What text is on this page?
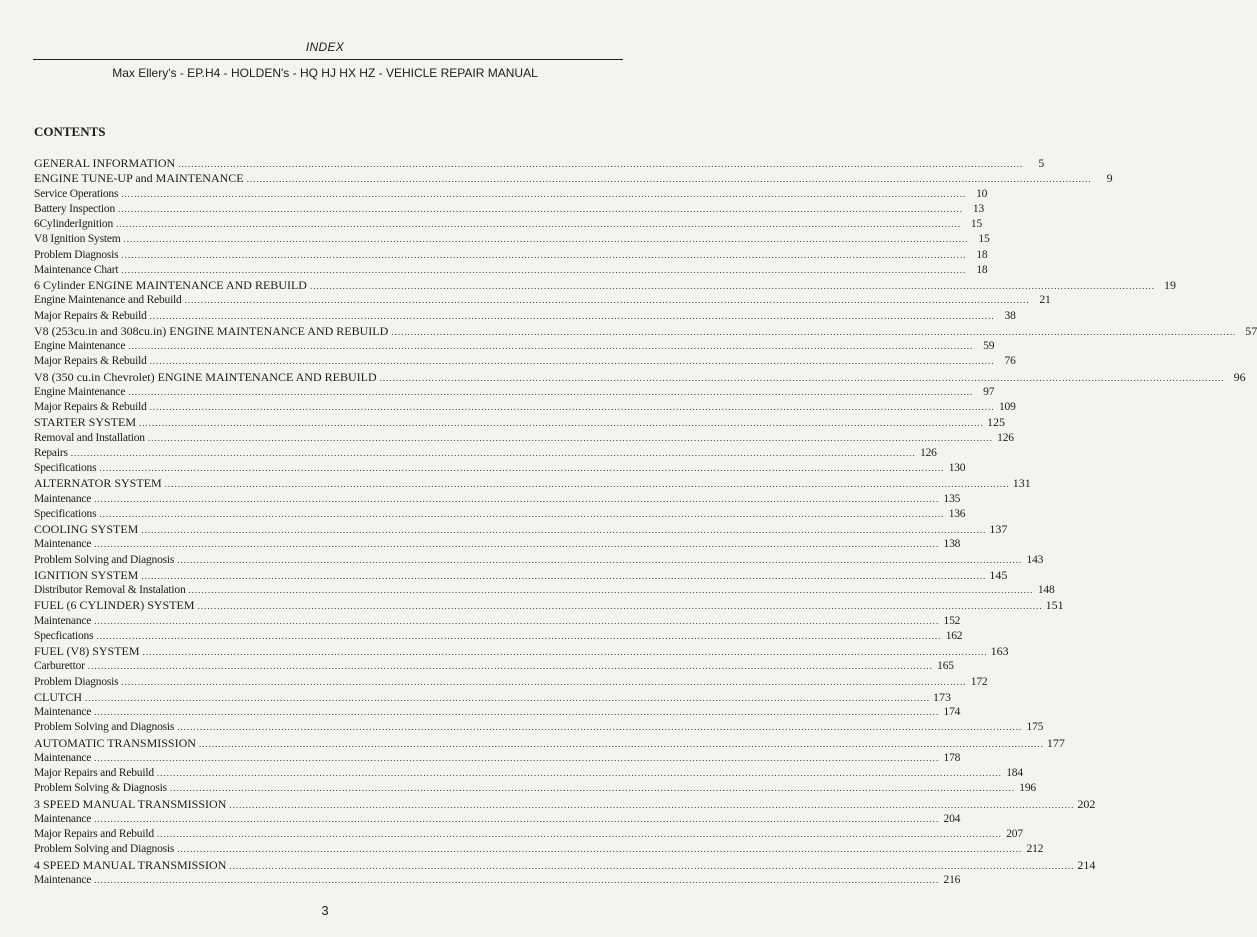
INDEX
Max Ellery's - EP.H4 - HOLDEN's - HQ HJ HX HZ - VEHICLE REPAIR MANUAL
CONTENTS
GENERAL INFORMATION ....................................................................................................................................................................................................................................................................	5
ENGINE TUNE-UP and MAINTENANCE ....................................................................................................................................................................................................................................................................	9
Service Operations .................................................................................................................................................................................................................................................................... 10
Battery Inspection .................................................................................................................................................................................................................................................................... 13
6CylinderIgnition .................................................................................................................................................................................................................................................................... 15
V8 Ignition System .................................................................................................................................................................................................................................................................... 15
Problem Diagnosis .................................................................................................................................................................................................................................................................... 18
Maintenance Chart .................................................................................................................................................................................................................................................................... 18
6 Cylinder ENGINE MAINTENANCE AND REBUILD .................................................................................................................................................................................................................................................................... 19
Engine Maintenance and Rebuild .................................................................................................................................................................................................................................................................... 21
Major Repairs & Rebuild .................................................................................................................................................................................................................................................................... 38
V8 (253cu.in and 308cu.in) ENGINE MAINTENANCE AND REBUILD .................................................................................................................................................................................................................................................................... 57
Engine Maintenance .................................................................................................................................................................................................................................................................... 59
Major Repairs & Rebuild .................................................................................................................................................................................................................................................................... 76
V8 (350 cu.in Chevrolet) ENGINE MAINTENANCE AND REBUILD .................................................................................................................................................................................................................................................................... 96
Engine Maintenance .................................................................................................................................................................................................................................................................... 97
Major Repairs & Rebuild .................................................................................................................................................................................................................................................................... 109
STARTER SYSTEM .................................................................................................................................................................................................................................................................... 125
Removal and Installation .................................................................................................................................................................................................................................................................... 126
Repairs .................................................................................................................................................................................................................................................................... 126
Specifications .................................................................................................................................................................................................................................................................... 130
ALTERNATOR SYSTEM .................................................................................................................................................................................................................................................................... 131
Maintenance .................................................................................................................................................................................................................................................................... 135
Specifications .................................................................................................................................................................................................................................................................... 136
COOLING SYSTEM .................................................................................................................................................................................................................................................................... 137
Maintenance .................................................................................................................................................................................................................................................................... 138
Problem Solving and Diagnosis .................................................................................................................................................................................................................................................................... 143
IGNITION SYSTEM .................................................................................................................................................................................................................................................................... 145
Distributor Removal & Instalation .................................................................................................................................................................................................................................................................... 148
FUEL (6 CYLINDER) SYSTEM .................................................................................................................................................................................................................................................................... 151
Maintenance .................................................................................................................................................................................................................................................................... 152
Specfications .................................................................................................................................................................................................................................................................... 162
FUEL (V8) SYSTEM .................................................................................................................................................................................................................................................................... 163
Carburettor .................................................................................................................................................................................................................................................................... 165
Problem Diagnosis .................................................................................................................................................................................................................................................................... 172
CLUTCH .................................................................................................................................................................................................................................................................... 173
Maintenance .................................................................................................................................................................................................................................................................... 174
Problem Solving and Diagnosis .................................................................................................................................................................................................................................................................... 175
AUTOMATIC TRANSMISSION .................................................................................................................................................................................................................................................................... 177
Maintenance .................................................................................................................................................................................................................................................................... 178
Major Repairs and Rebuild .................................................................................................................................................................................................................................................................... 184
Problem Solving & Diagnosis .................................................................................................................................................................................................................................................................... 196
3 SPEED MANUAL TRANSMISSION .................................................................................................................................................................................................................................................................... 202
Maintenance .................................................................................................................................................................................................................................................................... 204
Major Repairs and Rebuild .................................................................................................................................................................................................................................................................... 207
Problem Solving and Diagnosis .................................................................................................................................................................................................................................................................... 212
4 SPEED MANUAL TRANSMISSION .................................................................................................................................................................................................................................................................... 214
Maintenance .................................................................................................................................................................................................................................................................... 216
3
